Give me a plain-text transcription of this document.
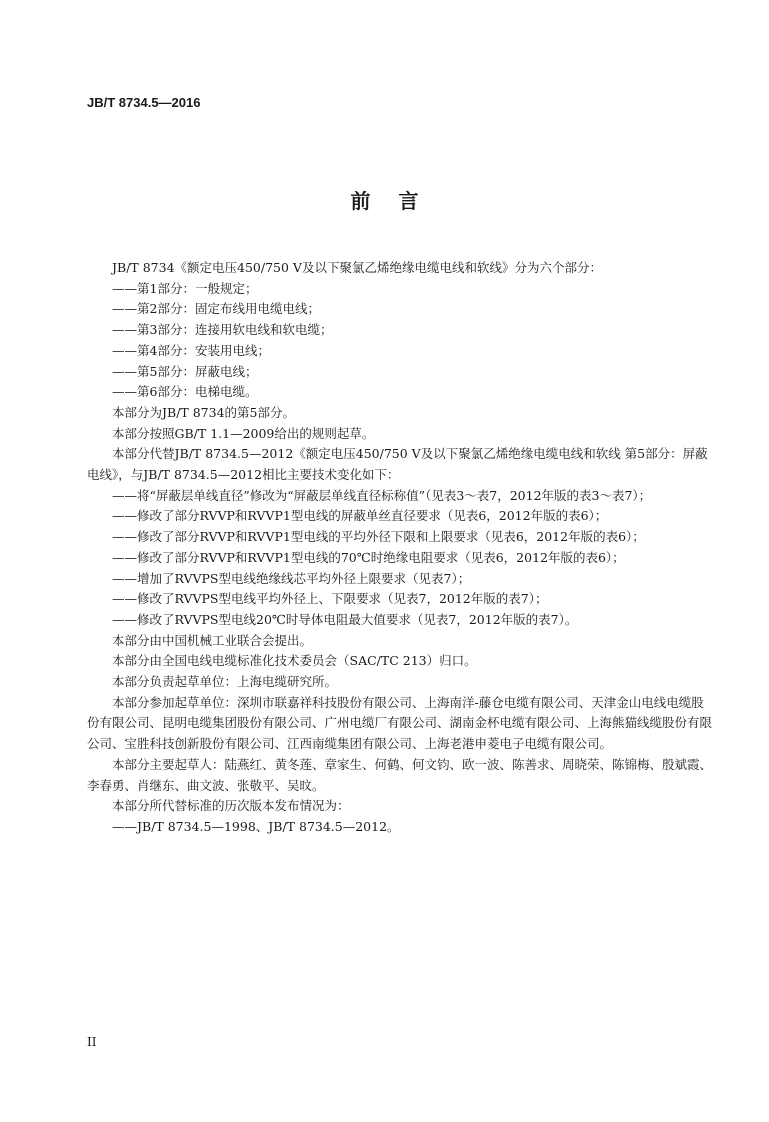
JB/T 8734.5—2016
前言

JB/T 8734《额定电压450/750 V及以下聚氯乙烯绝缘电缆电线和软线》分为六个部分：

——第1部分：一般规定；
——第2部分：固定布线用电缆电线；
——第3部分：连接用软电线和软电缆；
——第4部分：安装用电线；
——第5部分：屏蔽电线；
——第6部分：电梯电缆。

本部分为JB/T 8734的第5部分。

本部分按照GB/T 1.1—2009给出的规则起草。

本部分代替JB/T 8734.5—2012《额定电压450/750 V及以下聚氯乙烯绝缘电缆电线和软线 第5部分：屏蔽电线》，与JB/T 8734.5—2012相比主要技术变化如下：

——将“屏蔽层单线直径”修改为“屏蔽层单线直径标称值”（见表3～表7，2012年版的表3～表7）；
——修改了部分RVVP和RVVP1型电线的屏蔽单丝直径要求（见表6，2012年版的表6）；
——修改了部分RVVP和RVVP1型电线的平均外径下限和上限要求（见表6，2012年版的表6）；
——修改了部分RVVP和RVVP1型电线的70℃时绝缘电阻要求（见表6，2012年版的表6）；
——增加了RVVPS型电线绝缘线芯平均外径上限要求（见表7）；
——修改了RVVPS型电线平均外径上、下限要求（见表7，2012年版的表7）；
——修改了RVVPS型电线20℃时导体电阻最大值要求（见表7，2012年版的表7）。

本部分由中国机械工业联合会提出。

本部分由全国电线电缆标准化技术委员会（SAC/TC 213）归口。

本部分负责起草单位：上海电缆研究所。

本部分参加起草单位：深圳市联嘉祥科技股份有限公司、上海南洋-藤仓电缆有限公司、天津金山电线电缆股份有限公司、昆明电缆集团股份有限公司、广州电缆厂有限公司、湖南金杯电缆有限公司、上海熊猫线缆股份有限公司、宝胜科技创新股份有限公司、江西南缆集团有限公司、上海老港申菱电子电缆有限公司。

本部分主要起草人：陆燕红、黄冬莲、章家生、何鹤、何文钧、欧一波、陈善求、周晓荣、陈锦梅、殷斌霞、李春勇、肖继东、曲文波、张敬平、吴旼。

本部分所代替标准的历次版本发布情况为：

——JB/T 8734.5—1998、JB/T 8734.5—2012。
II
